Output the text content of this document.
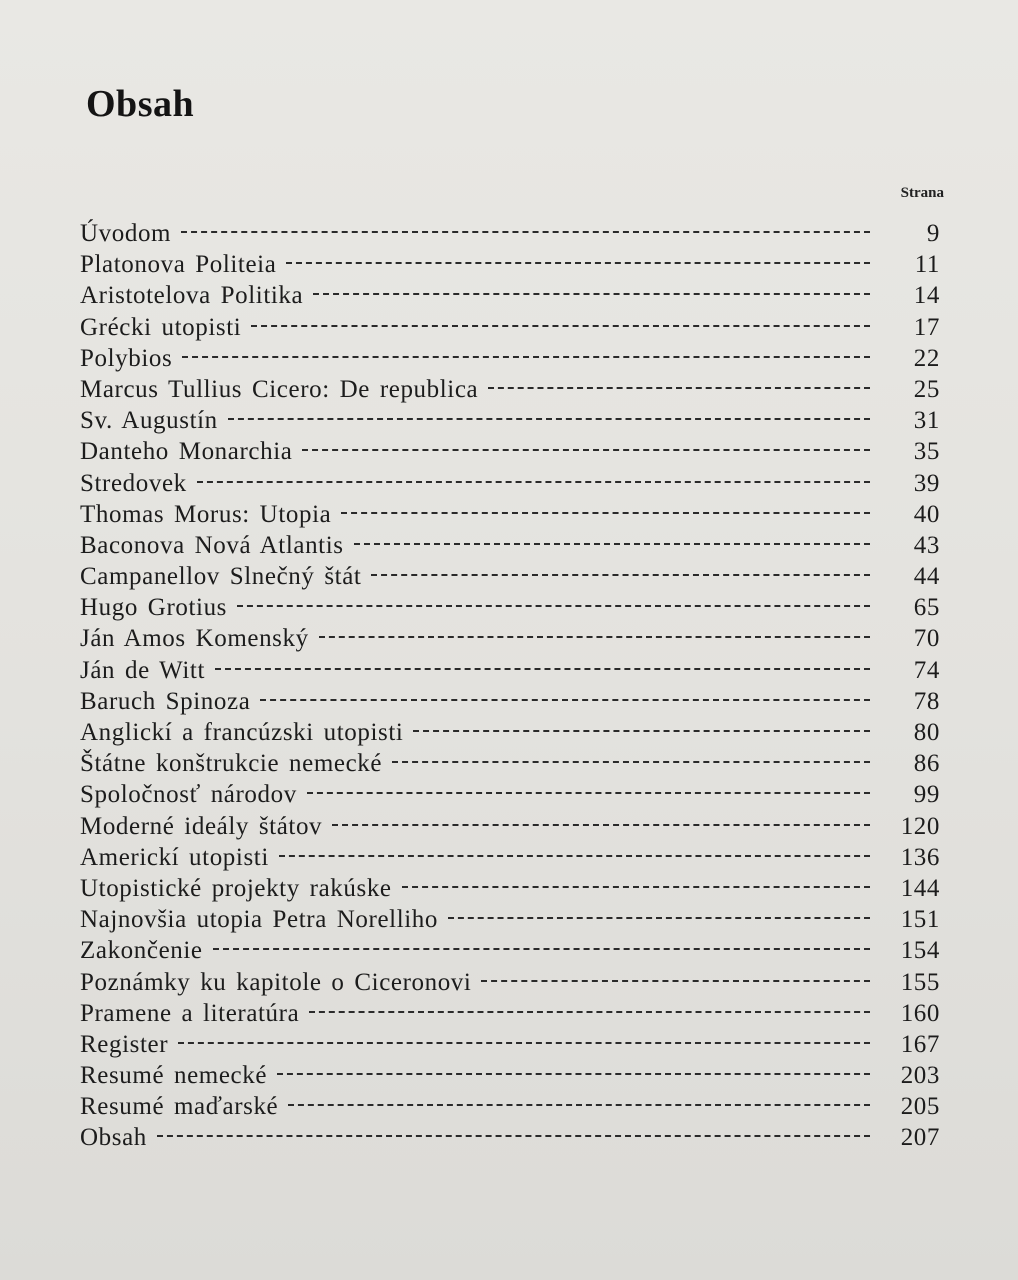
Obsah
Strana
Úvodom	9
Platonova Politeia	11
Aristotelova Politika	14
Grécki utopisti	17
Polybios	22
Marcus Tullius Cicero: De republica	25
Sv. Augustín	31
Danteho Monarchia	35
Stredovek	39
Thomas Morus: Utopia	40
Baconova Nová Atlantis	43
Campanellov Slnečný štát	44
Hugo Grotius	65
Ján Amos Komenský	70
Ján de Witt	74
Baruch Spinoza	78
Anglickí a francúzski utopisti	80
Štátne konštrukcie nemecké	86
Spoločnosť národov	99
Moderné ideály štátov	120
Americkí utopisti	136
Utopistické projekty rakúske	144
Najnovšia utopia Petra Norelliho	151
Zakončenie	154
Poznámky ku kapitole o Ciceronovi	155
Pramene a literatúra	160
Register	167
Resumé nemecké	203
Resumé maďarské	205
Obsah	207
